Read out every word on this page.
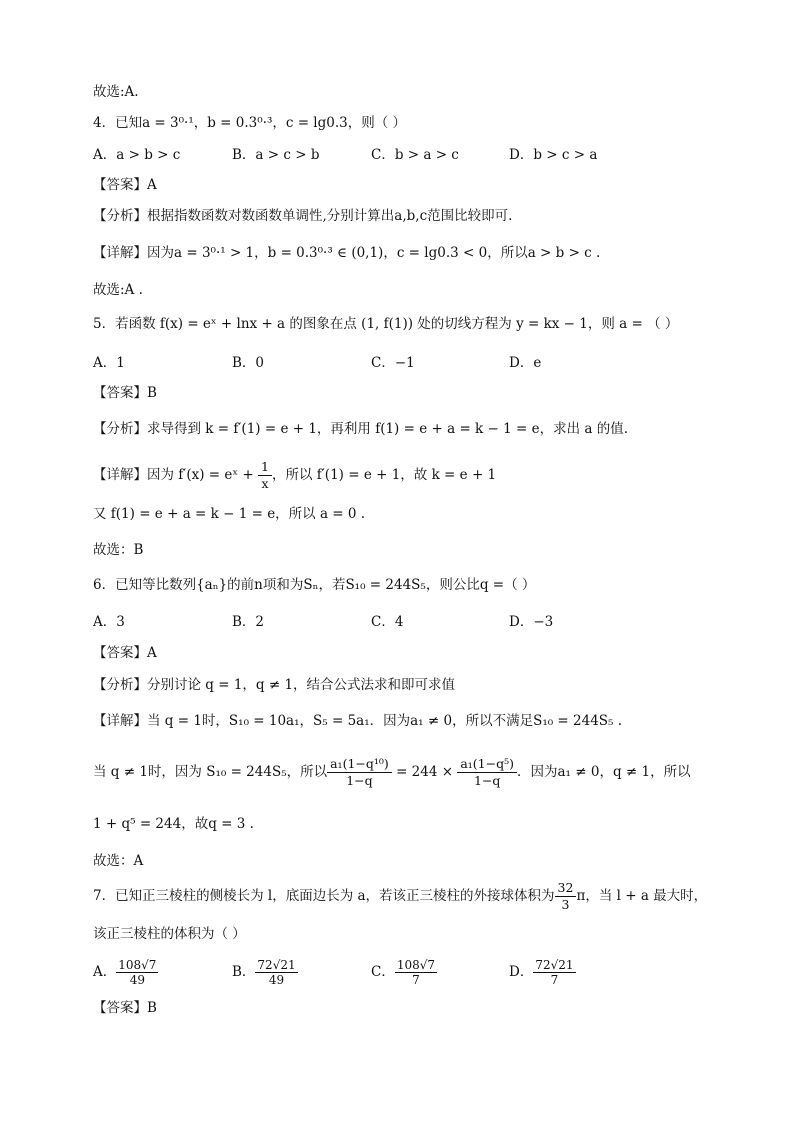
故选:A.
4．已知a = 3⁰·¹，b = 0.3⁰·³，c = lg0.3，则（ ）
A．a > b > c	B．a > c > b	C．b > a > c	D．b > c > a
【答案】A
【分析】根据指数函数对数函数单调性,分别计算出a,b,c范围比较即可.
【详解】因为a = 3⁰·¹ > 1，b = 0.3⁰·³ ∈ (0,1)，c = lg0.3 < 0，所以a > b > c .
故选:A .
5．若函数 f(x) = eˣ + lnx + a 的图象在点 (1, f(1)) 处的切线方程为 y = kx − 1，则 a = （ ）
A．1	B．0	C．−1	D．e
【答案】B
【分析】求导得到 k = f′(1) = e + 1，再利用 f(1) = e + a = k − 1 = e，求出 a 的值.
【详解】因为 f′(x) = eˣ + $\frac{1}{x}$ ，所以 f′(1) = e + 1，故 k = e + 1
又 f(1) = e + a = k − 1 = e，所以 a = 0 .
故选：B
6．已知等比数列{aₙ}的前n项和为Sₙ，若S₁₀ = 244S₅，则公比q =（ ）
A．3	B．2	C．4	D．−3
【答案】A
【分析】分别讨论 q = 1，q ≠ 1，结合公式法求和即可求值
【详解】当 q = 1时，S₁₀ = 10a₁，S₅ = 5a₁．因为a₁ ≠ 0，所以不满足S₁₀ = 244S₅ .
当 q ≠ 1时，因为 S₁₀ = 244S₅，所以 $\frac{\text{a₁(1−q¹⁰)}}{1-q} = 244 \times \frac{\text{a₁(1−q⁵)}}{1-q}$ ．因为a₁ ≠ 0，q ≠ 1，所以
1 + q⁵ = 244，故q = 3 .
故选：A
7．已知正三棱柱的侧棱长为 l，底面边长为 a，若该正三棱柱的外接球体积为 $\frac{32}{3}$ π，当 l + a 最大时，
该正三棱柱的体积为（ ）
A． $\frac{108√7}{49}$	B． $\frac{72√21}{49}$	C． $\frac{108√7}{7}$	D． $\frac{72√21}{7}$
【答案】B
